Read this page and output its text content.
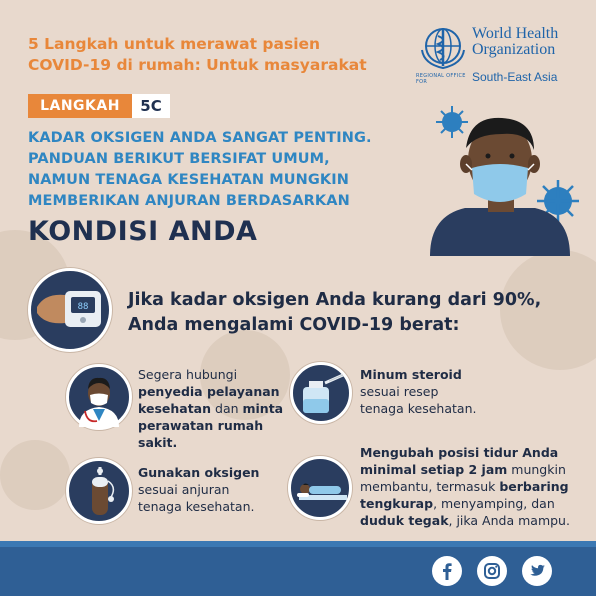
5 Langkah untuk merawat pasien
COVID-19 di rumah: Untuk masyarakat
World Health
Organization
South-East Asia
REGIONAL OFFICE FOR
LANGKAH	5C
KADAR OKSIGEN ANDA SANGAT PENTING.
PANDUAN BERIKUT BERSIFAT UMUM,
NAMUN TENAGA KESEHATAN MUNGKIN
MEMBERIKAN ANJURAN BERDASARKAN
KONDISI ANDA
88 Jika kadar oksigen Anda kurang dari 90%,
Anda mengalami COVID-19 berat:
Segera hubungi
penyedia pelayanan
kesehatan dan minta
perawatan rumah sakit.
Minum steroid
sesuai resep
tenaga kesehatan.
Gunakan oksigen
sesuai anjuran
tenaga kesehatan.
Mengubah posisi tidur Anda
minimal setiap 2 jam mungkin
membantu, termasuk berbaring
tengkurap, menyamping, dan
duduk tegak, jika Anda mampu.
